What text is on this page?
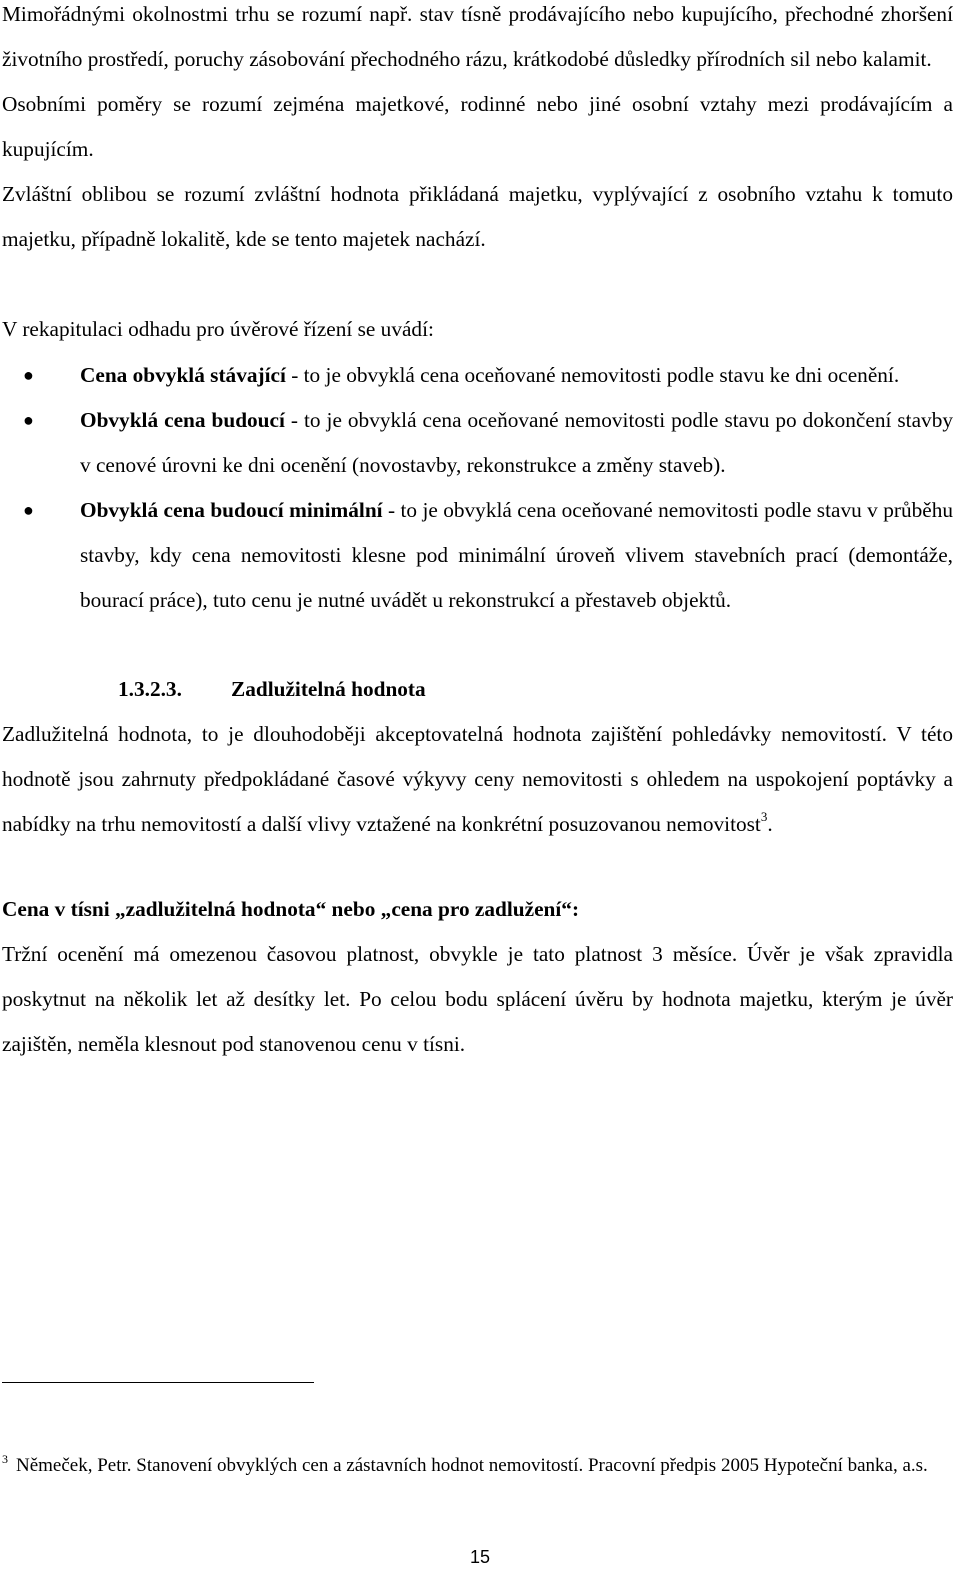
Mimořádnými okolnostmi trhu se rozumí např. stav tísně prodávajícího nebo kupujícího, přechodné zhoršení životního prostředí, poruchy zásobování přechodného rázu, krátkodobé důsledky přírodních sil nebo kalamit.

Osobními poměry se rozumí zejména majetkové, rodinné nebo jiné osobní vztahy mezi prodávajícím a kupujícím.

Zvláštní oblibou se rozumí zvláštní hodnota přikládaná majetku, vyplývající z osobního vztahu k tomuto majetku, případně lokalitě, kde se tento majetek nachází.

V rekapitulaci odhadu pro úvěrové řízení se uvádí:

● Cena obvyklá stávající - to je obvyklá cena oceňované nemovitosti podle stavu ke dni ocenění.
● Obvyklá cena budoucí - to je obvyklá cena oceňované nemovitosti podle stavu po dokončení stavby v cenové úrovni ke dni ocenění (novostavby, rekonstrukce a změny staveb).
● Obvyklá cena budoucí minimální - to je obvyklá cena oceňované nemovitosti podle stavu v průběhu stavby, kdy cena nemovitosti klesne pod minimální úroveň vlivem stavebních prací (demontáže, bourací práce), tuto cenu je nutné uvádět u rekonstrukcí a přestaveb objektů.
1.3.2.3. Zadlužitelná hodnota

Zadlužitelná hodnota, to je dlouhodoběji akceptovatelná hodnota zajištění pohledávky nemovitostí. V této hodnotě jsou zahrnuty předpokládané časové výkyvy ceny nemovitosti s ohledem na uspokojení poptávky a nabídky na trhu nemovitostí a další vlivy vztažené na konkrétní posuzovanou nemovitost$^3$.

Cena v tísni „zadlužitelná hodnota“ nebo „cena pro zadlužení“:

Tržní ocenění má omezenou časovou platnost, obvykle je tato platnost 3 měsíce. Úvěr je však zpravidla poskytnut na několik let až desítky let. Po celou bodu splácení úvěru by hodnota majetku, kterým je úvěr zajištěn, neměla klesnout pod stanovenou cenu v tísni.

$^3$ Němeček, Petr. Stanovení obvyklých cen a zástavních hodnot nemovitostí. Pracovní předpis 2005 Hypoteční banka, a.s.
15
